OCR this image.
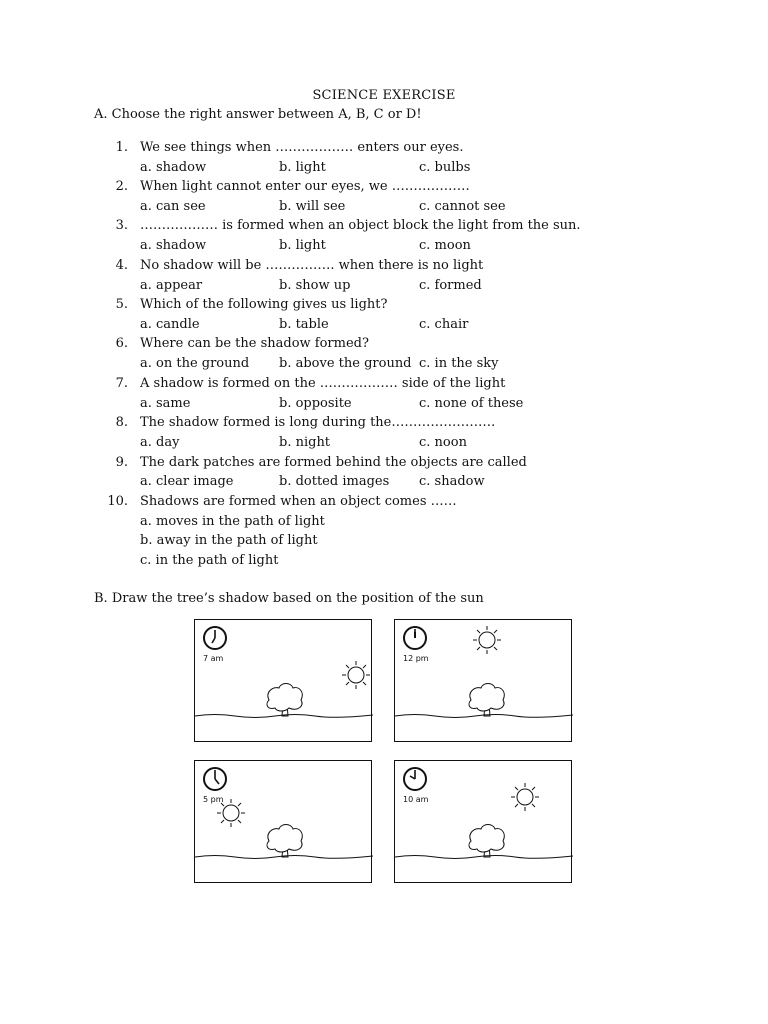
SCIENCE EXERCISE
A. Choose the right answer between A, B, C or D!
1. We see things when ……………… enters our eyes.
a. shadow	b. light	c. bulbs
2. When light cannot enter our eyes, we ………………
a. can see	b. will see	c. cannot see
3. ……………… is formed when an object block the light from the sun.
a. shadow	b. light	c. moon
4. No shadow will be ……………. when there is no light
a. appear	b. show up	c. formed
5. Which of the following gives us light?
a. candle	b. table	c. chair
6. Where can be the shadow formed?
a. on the ground b. above the ground c. in the sky
7. A shadow is formed on the ……………… side of the light
a. same	b. opposite	c. none of these
8. The shadow formed is long during the……………………
a. day	b. night	c. noon
9. The dark patches are formed behind the objects are called
a. clear image	b. dotted images c. shadow
10. Shadows are formed when an object comes ……
a. moves in the path of light
b. away in the path of light
c. in the path of light
B. Draw the tree’s shadow based on the position of the sun
7 am	12 pm
5 pm	10 am
